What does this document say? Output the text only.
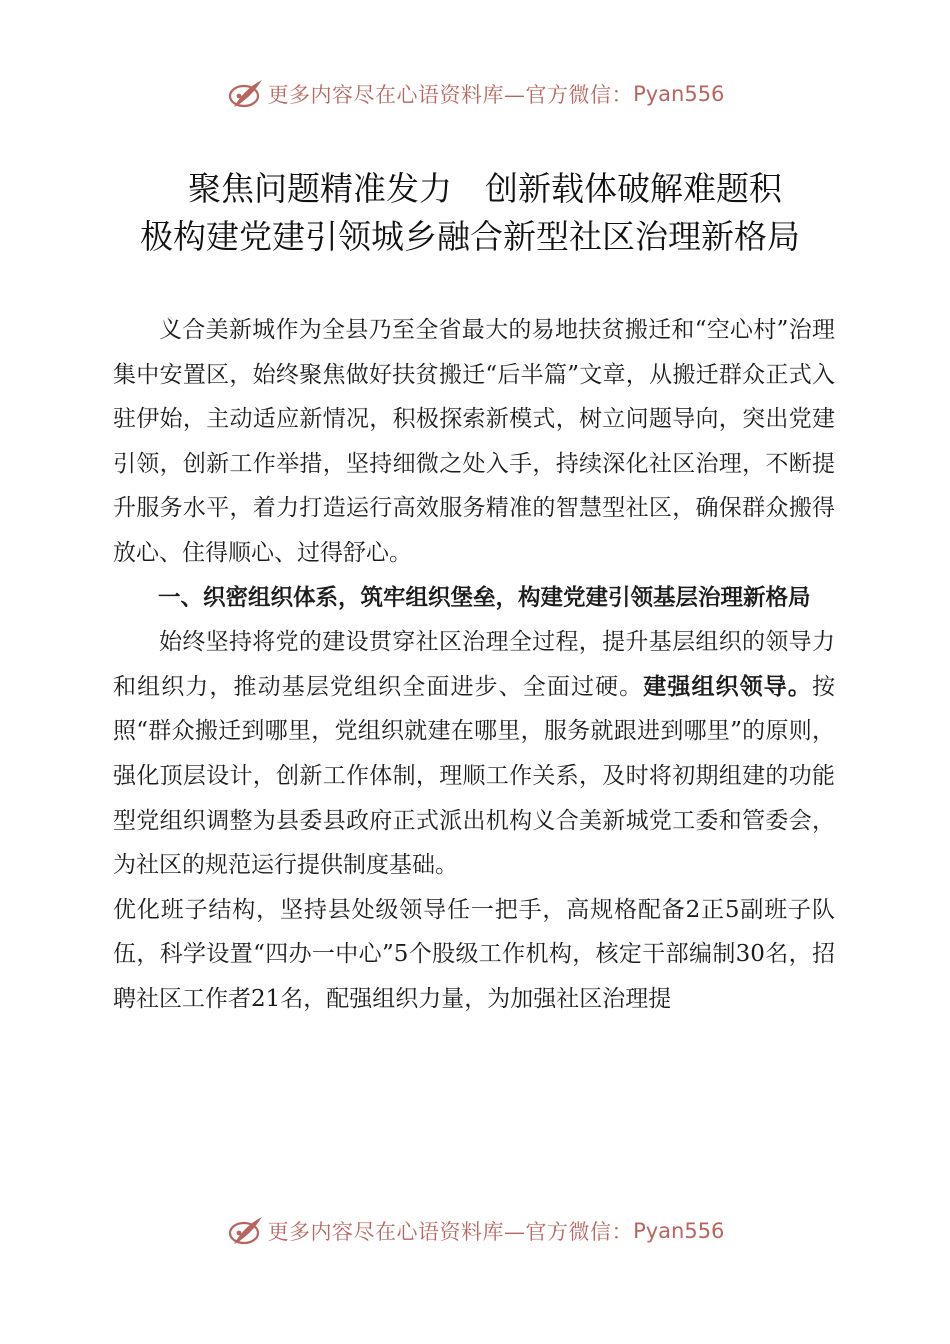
更多内容尽在心语资料库—官方微信： Pyan556
聚焦问题精准发力　创新载体破解难题积
极构建党建引领城乡融合新型社区治理新格局

义合美新城作为全县乃至全省最大的易地扶贫搬迁和“空心村”治理集中安置区，始终聚焦做好扶贫搬迁“后半篇”文章，从搬迁群众正式入驻伊始，主动适应新情况，积极探索新模式，树立问题导向，突出党建引领，创新工作举措，坚持细微之处入手，持续深化社区治理，不断提升服务水平，着力打造运行高效服务精准的智慧型社区，确保群众搬得放心、住得顺心、过得舒心。

一、织密组织体系，筑牢组织堡垒，构建党建引领基层治理新格局

始终坚持将党的建设贯穿社区治理全过程，提升基层组织的领导力和组织力，推动基层党组织全面进步、全面过硬。建强组织领导。按照“群众搬迁到哪里，党组织就建在哪里，服务就跟进到哪里”的原则，强化顶层设计，创新工作体制，理顺工作关系，及时将初期组建的功能型党组织调整为县委县政府正式派出机构义合美新城党工委和管委会，为社区的规范运行提供制度基础。

优化班子结构，坚持县处级领导任一把手，高规格配备2正5副班子队伍，科学设置“四办一中心”5个股级工作机构，核定干部编制30名，招聘社区工作者21名，配强组织力量，为加强社区治理提

更多内容尽在心语资料库—官方微信： Pyan556
